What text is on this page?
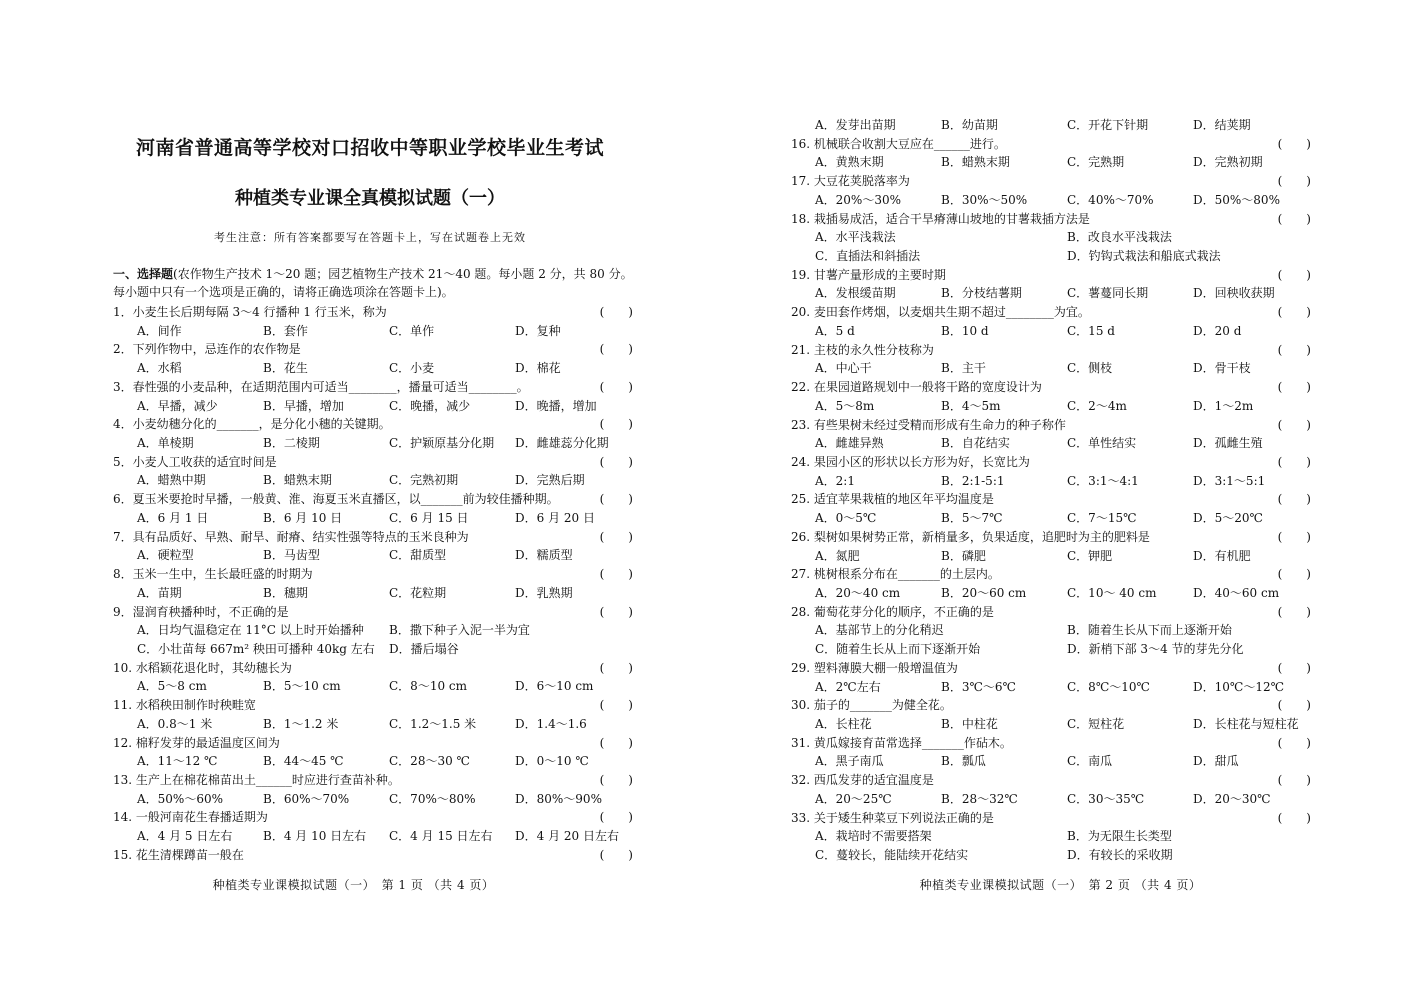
河南省普通高等学校对口招收中等职业学校毕业生考试
种植类专业课全真模拟试题（一）
考生注意：所有答案都要写在答题卡上，写在试题卷上无效
一、选择题(农作物生产技术 1～20 题；园艺植物生产技术 21～40 题。每小题 2 分，共 80 分。
每小题中只有一个选项是正确的，请将正确选项涂在答题卡上)。
1．小麦生长后期每隔 3～4 行播种 1 行玉米，称为	(　　)
A．间作	B．套作	C．单作	D．复种
2．下列作物中，忌连作的农作物是	(　　)
A．水稻	B．花生	C．小麦	D．棉花
3．春性强的小麦品种，在适期范围内可适当________，播量可适当________。	(　　)
A．早播，减少	B．早播，增加	C．晚播，减少	D．晚播，增加
4．小麦幼穗分化的_______，是分化小穗的关键期。	(　　)
A．单棱期	B．二棱期	C．护颖原基分化期 D．雌雄蕊分化期
5．小麦人工收获的适宜时间是	(　　)
A．蜡熟中期	B．蜡熟末期	C．完熟初期	D．完熟后期
6．夏玉米要抢时早播，一般黄、淮、海夏玉米直播区，以_______前为较佳播种期。	(　　)
A．6 月 1 日	B．6 月 10 日	C．6 月 15 日	D．6 月 20 日
7．具有品质好、早熟、耐旱、耐瘠、结实性强等特点的玉米良种为	(　　)
A．硬粒型	B．马齿型	C．甜质型	D．糯质型
8．玉米一生中，生长最旺盛的时期为	(　　)
A．苗期	B．穗期	C．花粒期	D．乳熟期
9．湿润育秧播种时，不正确的是	(　　)
A．日均气温稳定在 11°C 以上时开始播种 B．撒下种子入泥一半为宜
C．小壮苗每 667m² 秧田可播种 40kg 左右 D．播后塌谷
10. 水稻颖花退化时，其幼穗长为	(　　)
A．5～8 cm	B．5～10 cm	C．8～10 cm	D．6～10 cm
11. 水稻秧田制作时秧畦宽	(　　)
A．0.8～1 米	B．1～1.2 米	C．1.2～1.5 米	D．1.4～1.6
12. 棉籽发芽的最适温度区间为	(　　)
A．11～12 ℃	B．44～45 ℃	C．28～30 ℃	D．0～10 ℃
13. 生产上在棉花棉苗出土______时应进行查苗补种。	(　　)
A．50%～60%	B．60%～70%	C．70%～80%	D．80%～90%
14. 一般河南花生春播适期为	(　　)
A．4 月 5 日左右	B．4 月 10 日左右 C．4 月 15 日左右 D．4 月 20 日左右
15. 花生清棵蹲苗一般在	(　　)
种植类专业课模拟试题（一）　第 1 页 （共 4 页）
A．发芽出苗期	B．幼苗期	C．开花下针期	D．结荚期
16. 机械联合收割大豆应在______进行。	(　　)
A．黄熟末期	B．蜡熟末期	C．完熟期	D．完熟初期
17. 大豆花荚脱落率为	(　　)
A．20%～30%	B．30%～50%	C．40%～70%	D．50%～80%
18. 栽插易成活，适合干旱瘠薄山坡地的甘薯栽插方法是	(　　)
A．水平浅栽法	B．改良水平浅栽法
C．直插法和斜插法	D．钓钩式栽法和船底式栽法
19. 甘薯产量形成的主要时期	(　　)
A．发根缓苗期	B．分枝结薯期	C．薯蔓同长期	D．回秧收获期
20. 麦田套作烤烟，以麦烟共生期不超过________为宜。	(　　)
A．5 d	B．10 d	C．15 d	D．20 d
21. 主枝的永久性分枝称为	(　　)
A．中心干	B．主干	C．侧枝	D．骨干枝
22. 在果园道路规划中一般将干路的宽度设计为	(　　)
A．5～8m	B．4～5m	C．2～4m	D．1～2m
23. 有些果树未经过受精而形成有生命力的种子称作	(　　)
A．雌雄异熟	B．自花结实	C．单性结实	D．孤雌生殖
24. 果园小区的形状以长方形为好，长宽比为	(　　)
A．2:1	B．2:1-5:1	C．3:1～4:1	D．3:1～5:1
25. 适宜苹果栽植的地区年平均温度是	(　　)
A．0～5℃	B．5～7℃	C．7～15℃	D．5～20℃
26. 梨树如果树势正常，新梢量多，负果适度，追肥时为主的肥料是	(　　)
A．氮肥	B．磷肥	C．钾肥	D．有机肥
27. 桃树根系分布在_______的土层内。	(　　)
A．20～40 cm	B．20～60 cm	C．10～ 40 cm	D．40～60 cm
28. 葡萄花芽分化的顺序，不正确的是	(　　)
A．基部节上的分化稍迟	B．随着生长从下而上逐渐开始
C．随着生长从上而下逐渐开始	D．新梢下部 3～4 节的芽先分化
29. 塑料薄膜大棚一般增温值为	(　　)
A．2℃左右	B．3℃～6℃	C．8℃～10℃	D．10℃～12℃
30. 茄子的_______为健全花。	(　　)
A．长柱花	B．中柱花	C．短柱花	D．长柱花与短柱花
31. 黄瓜嫁接育苗常选择_______作砧木。	(　　)
A．黑子南瓜	B．瓢瓜	C．南瓜	D．甜瓜
32. 西瓜发芽的适宜温度是	(　　)
A．20～25℃	B．28～32℃	C．30～35℃	D．20～30℃
33. 关于矮生种菜豆下列说法正确的是	(　　)
A．栽培时不需要搭架	B．为无限生长类型
C．蔓较长，能陆续开花结实	D．有较长的采收期
种植类专业课模拟试题（一）　第 2 页 （共 4 页）
